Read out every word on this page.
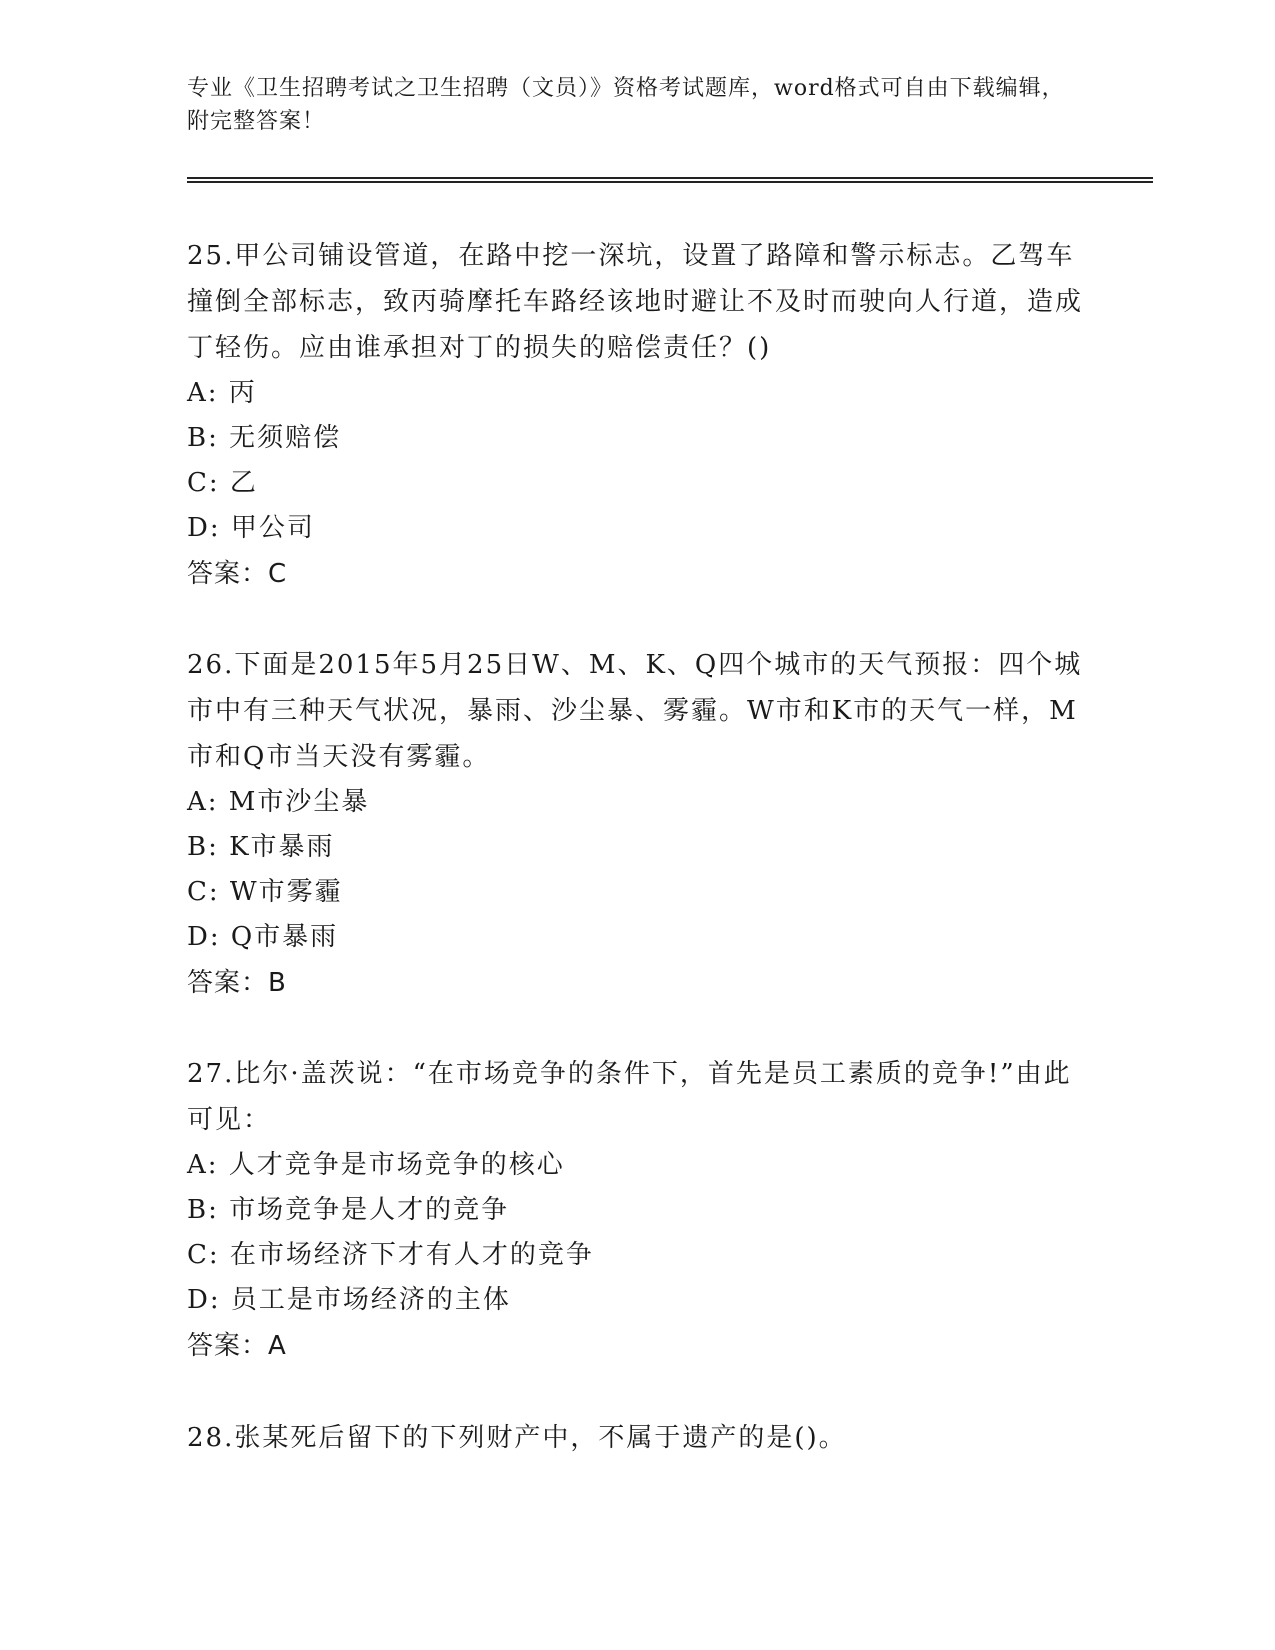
专业《卫生招聘考试之卫生招聘（文员）》资格考试题库，word格式可自由下载编辑，附完整答案！

25.甲公司铺设管道，在路中挖一深坑，设置了路障和警示标志。乙驾车撞倒全部标志，致丙骑摩托车路经该地时避让不及时而驶向人行道，造成丁轻伤。应由谁承担对丁的损失的赔偿责任？()

A: 丙

B: 无须赔偿

C: 乙

D: 甲公司

答案：C

26.下面是2015年5月25日W、M、K、Q四个城市的天气预报：四个城市中有三种天气状况，暴雨、沙尘暴、雾霾。W市和K市的天气一样，M市和Q市当天没有雾霾。

A: M市沙尘暴

B: K市暴雨

C: W市雾霾

D: Q市暴雨

答案：B

27.比尔·盖茨说：“在市场竞争的条件下，首先是员工素质的竞争!”由此可见：

A: 人才竞争是市场竞争的核心

B: 市场竞争是人才的竞争

C: 在市场经济下才有人才的竞争

D: 员工是市场经济的主体

答案：A

28.张某死后留下的下列财产中，不属于遗产的是()。
